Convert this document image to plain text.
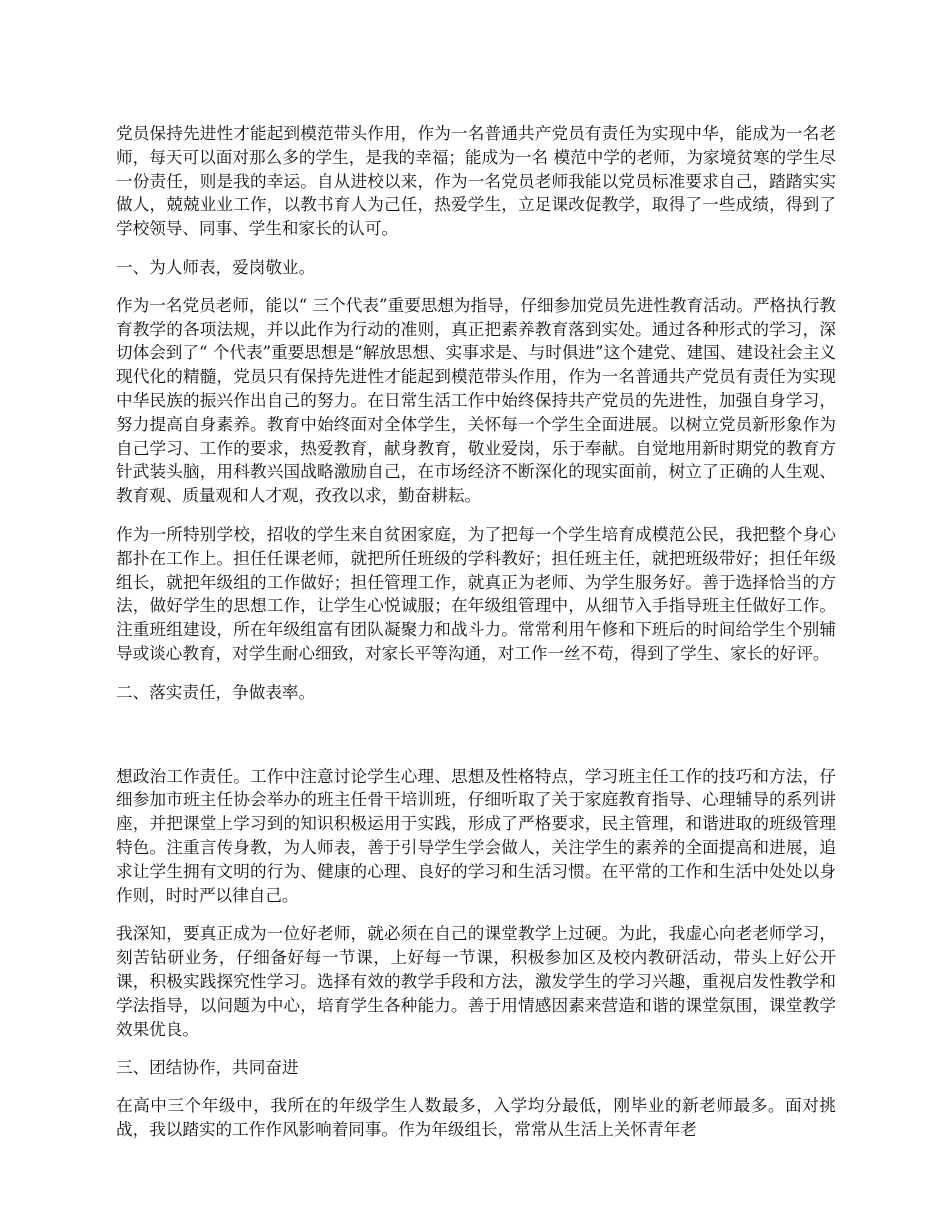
党员保持先进性才能起到模范带头作用，作为一名普通共产党员有责任为实现中华，能成为一名老师，每天可以面对那么多的学生，是我的幸福；能成为一名 模范中学的老师，为家境贫寒的学生尽一份责任，则是我的幸运。自从进校以来，作为一名党员老师我能以党员标准要求自己，踏踏实实做人，兢兢业业工作，以教书育人为己任，热爱学生，立足课改促教学，取得了一些成绩，得到了学校领导、同事、学生和家长的认可。

一、为人师表，爱岗敬业。

作为一名党员老师，能以“ 三个代表”重要思想为指导，仔细参加党员先进性教育活动。严格执行教育教学的各项法规，并以此作为行动的准则，真正把素养教育落到实处。通过各种形式的学习，深切体会到了“ 个代表”重要思想是“解放思想、实事求是、与时俱进”这个建党、建国、建设社会主义现代化的精髓，党员只有保持先进性才能起到模范带头作用，作为一名普通共产党员有责任为实现中华民族的振兴作出自己的努力。在日常生活工作中始终保持共产党员的先进性，加强自身学习，努力提高自身素养。教育中始终面对全体学生，关怀每一个学生全面进展。以树立党员新形象作为自己学习、工作的要求，热爱教育，献身教育，敬业爱岗，乐于奉献。自觉地用新时期党的教育方针武装头脑，用科教兴国战略激励自己，在市场经济不断深化的现实面前，树立了正确的人生观、教育观、质量观和人才观，孜孜以求，勤奋耕耘。

作为一所特别学校，招收的学生来自贫困家庭，为了把每一个学生培育成模范公民，我把整个身心都扑在工作上。担任任课老师，就把所任班级的学科教好；担任班主任，就把班级带好；担任年级组长，就把年级组的工作做好；担任管理工作，就真正为老师、为学生服务好。善于选择恰当的方法，做好学生的思想工作，让学生心悦诚服；在年级组管理中，从细节入手指导班主任做好工作。注重班组建设，所在年级组富有团队凝聚力和战斗力。常常利用午修和下班后的时间给学生个别辅导或谈心教育，对学生耐心细致，对家长平等沟通，对工作一丝不苟，得到了学生、家长的好评。

二、落实责任，争做表率。

想政治工作责任。工作中注意讨论学生心理、思想及性格特点，学习班主任工作的技巧和方法，仔细参加市班主任协会举办的班主任骨干培训班，仔细听取了关于家庭教育指导、心理辅导的系列讲座，并把课堂上学习到的知识积极运用于实践，形成了严格要求，民主管理，和谐进取的班级管理特色。注重言传身教，为人师表，善于引导学生学会做人，关注学生的素养的全面提高和进展，追求让学生拥有文明的行为、健康的心理、良好的学习和生活习惯。在平常的工作和生活中处处以身作则，时时严以律自己。

我深知，要真正成为一位好老师，就必须在自己的课堂教学上过硬。为此，我虚心向老老师学习，刻苦钻研业务，仔细备好每一节课，上好每一节课，积极参加区及校内教研活动，带头上好公开课，积极实践探究性学习。选择有效的教学手段和方法，激发学生的学习兴趣，重视启发性教学和学法指导，以问题为中心，培育学生各种能力。善于用情感因素来营造和谐的课堂氛围，课堂教学效果优良。

三、团结协作，共同奋进

在高中三个年级中，我所在的年级学生人数最多，入学均分最低，刚毕业的新老师最多。面对挑战，我以踏实的工作作风影响着同事。作为年级组长，常常从生活上关怀青年老
